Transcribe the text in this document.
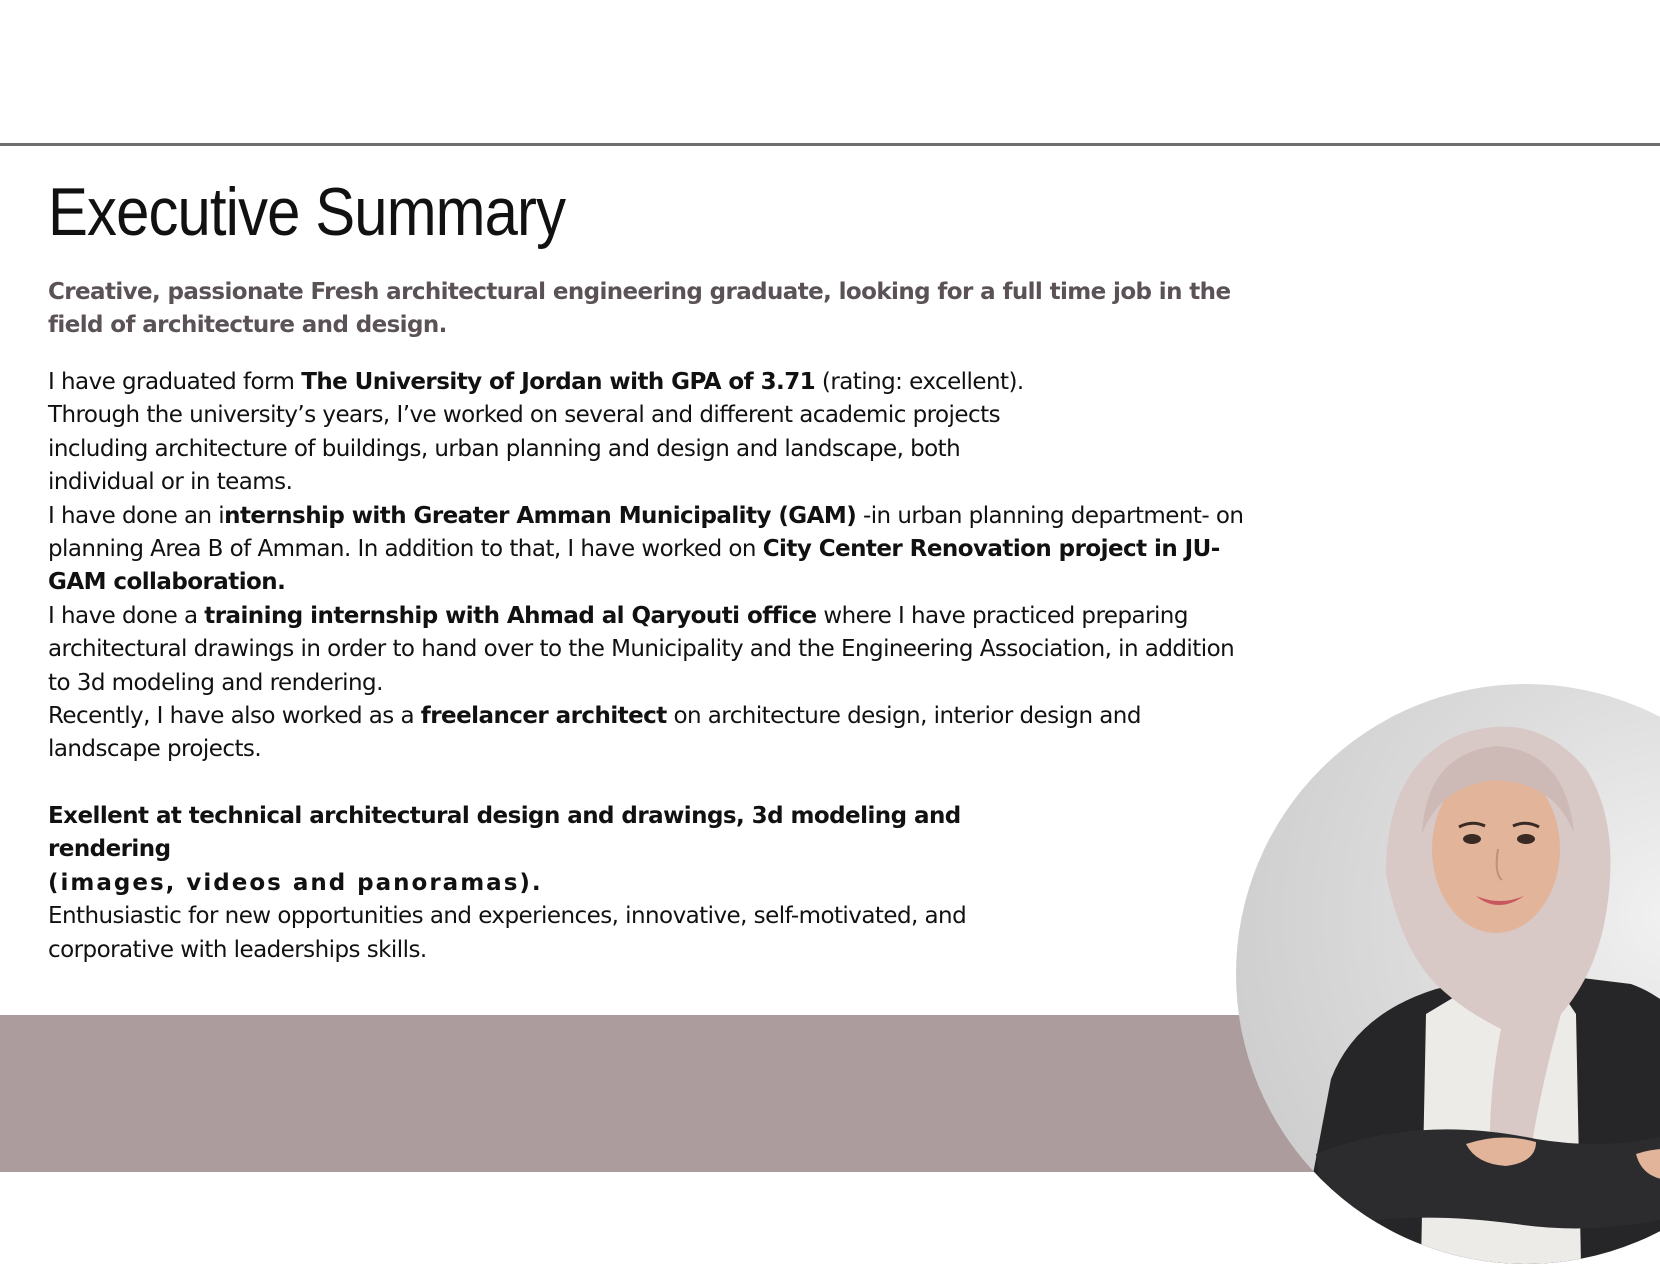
Executive Summary

Creative, passionate Fresh architectural engineering graduate, looking for a full time job in the field of architecture and design.

I have graduated form The University of Jordan with GPA of 3.71 (rating: excellent).

Through the university’s years, I’ve worked on several and different academic projects including architecture of buildings, urban planning and design and landscape, both individual or in teams.

I have done an internship with Greater Amman Municipality (GAM) -in urban planning department- on planning Area B of Amman. In addition to that, I have worked on City Center Renovation project in JU-GAM collaboration.

I have done a training internship with Ahmad al Qaryouti office where I have practiced preparing architectural drawings in order to hand over to the Municipality and the Engineering Association, in addition to 3d modeling and rendering.

Recently, I have also worked as a freelancer architect on architecture design, interior design and landscape projects.

Exellent at technical architectural design and drawings, 3d modeling and rendering
(images, videos and panoramas).

Enthusiastic for new opportunities and experiences, innovative, self-motivated, and corporative with leaderships skills.
